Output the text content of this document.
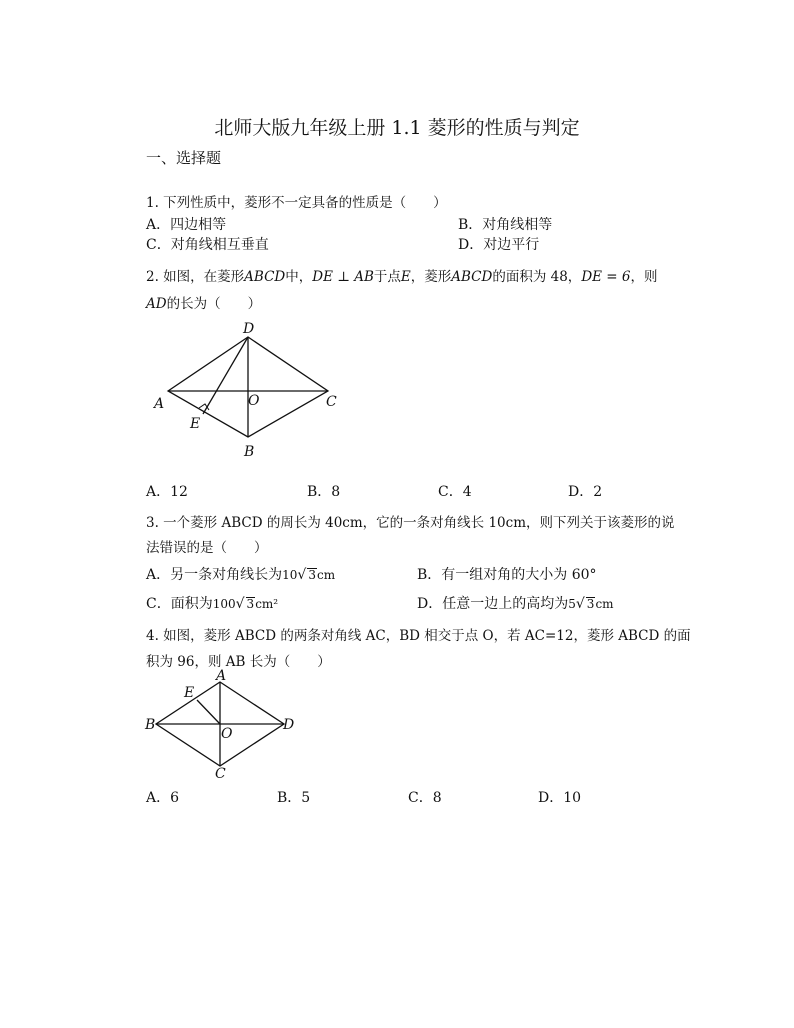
北师大版九年级上册 1.1 菱形的性质与判定
一、选择题
1. 下列性质中，菱形不一定具备的性质是（　　）
A．四边相等	B．对角线相等
C．对角线相互垂直	D．对边平行
2. 如图，在菱形ABCD中，DE ⊥ AB于点E，菱形ABCD的面积为 48，DE = 6，则
AD的长为（　　）
D
A	C
O
E
B
A．12	B．8	C．4	D．2
3. 一个菱形 ABCD 的周长为 40cm，它的一条对角线长 10cm，则下列关于该菱形的说
法错误的是（　　）
A．另一条对角线长为10√ 3cm	B．有一组对角的大小为 60°
C．面积为100√ 3cm²	D．任意一边上的高均为5√ 3cm
4. 如图，菱形 ABCD 的两条对角线 AC，BD 相交于点 O，若 AC=12，菱形 ABCD 的面
积为 96，则 AB 长为（　　）
A
E
B	D
O
C
A．6	B．5	C．8	D．10
